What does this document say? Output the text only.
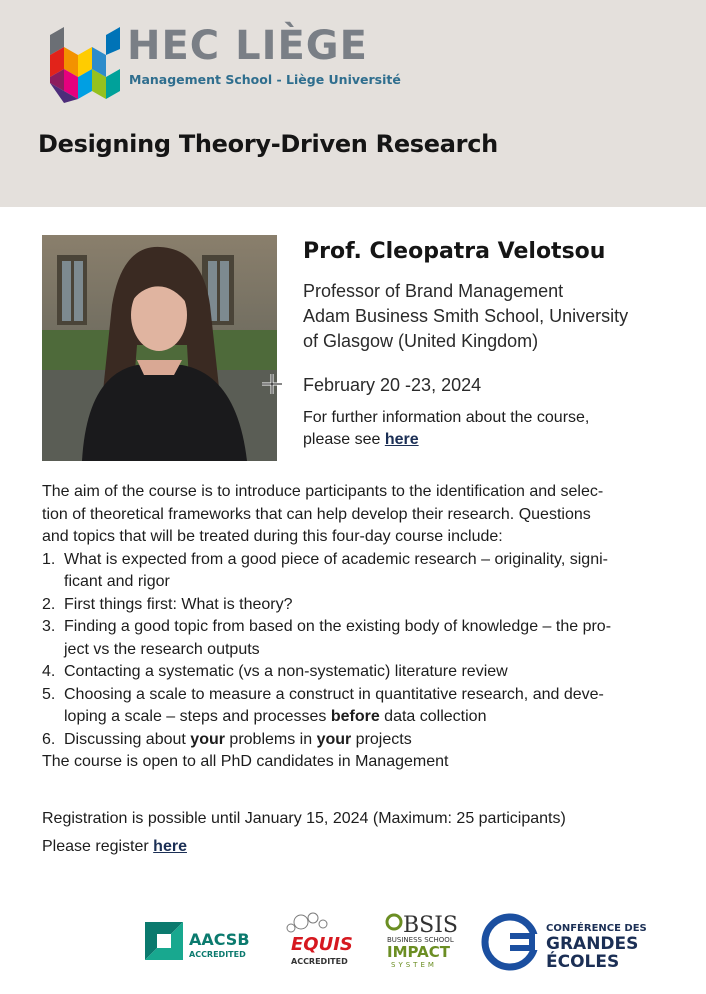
HEC LIÈGE
Management School - Liège Université
Designing Theory-Driven Research
Prof. Cleopatra Velotsou
Professor of Brand Management
Adam Business Smith School, University
of Glasgow (United Kingdom)
February 20 -23, 2024
For further information about the course,
please see here
The aim of the course is to introduce participants to the identification and selec-
tion of theoretical frameworks that can help develop their research. Questions
and topics that will be treated during this four-day course include:
1. What is expected from a good piece of academic research – originality, signi-
ficant and rigor
2. First things first: What is theory?
3. Finding a good topic from based on the existing body of knowledge – the pro-
ject vs the research outputs
4. Contacting a systematic (vs a non-systematic) literature review
5. Choosing a scale to measure a construct in quantitative research, and deve-
loping a scale – steps and processes before data collection
6. Discussing about your problems in your projects
The course is open to all PhD candidates in Management
Registration is possible until January 15, 2024 (Maximum: 25 participants)
Please register here
AACSB
ACCREDITED	EQUIS
ACCREDITED
BSIS
BUSINESS SCHOOL
IMPACT
SYSTEM
CONFÉRENCE DES
GRANDES
ÉCOLES
